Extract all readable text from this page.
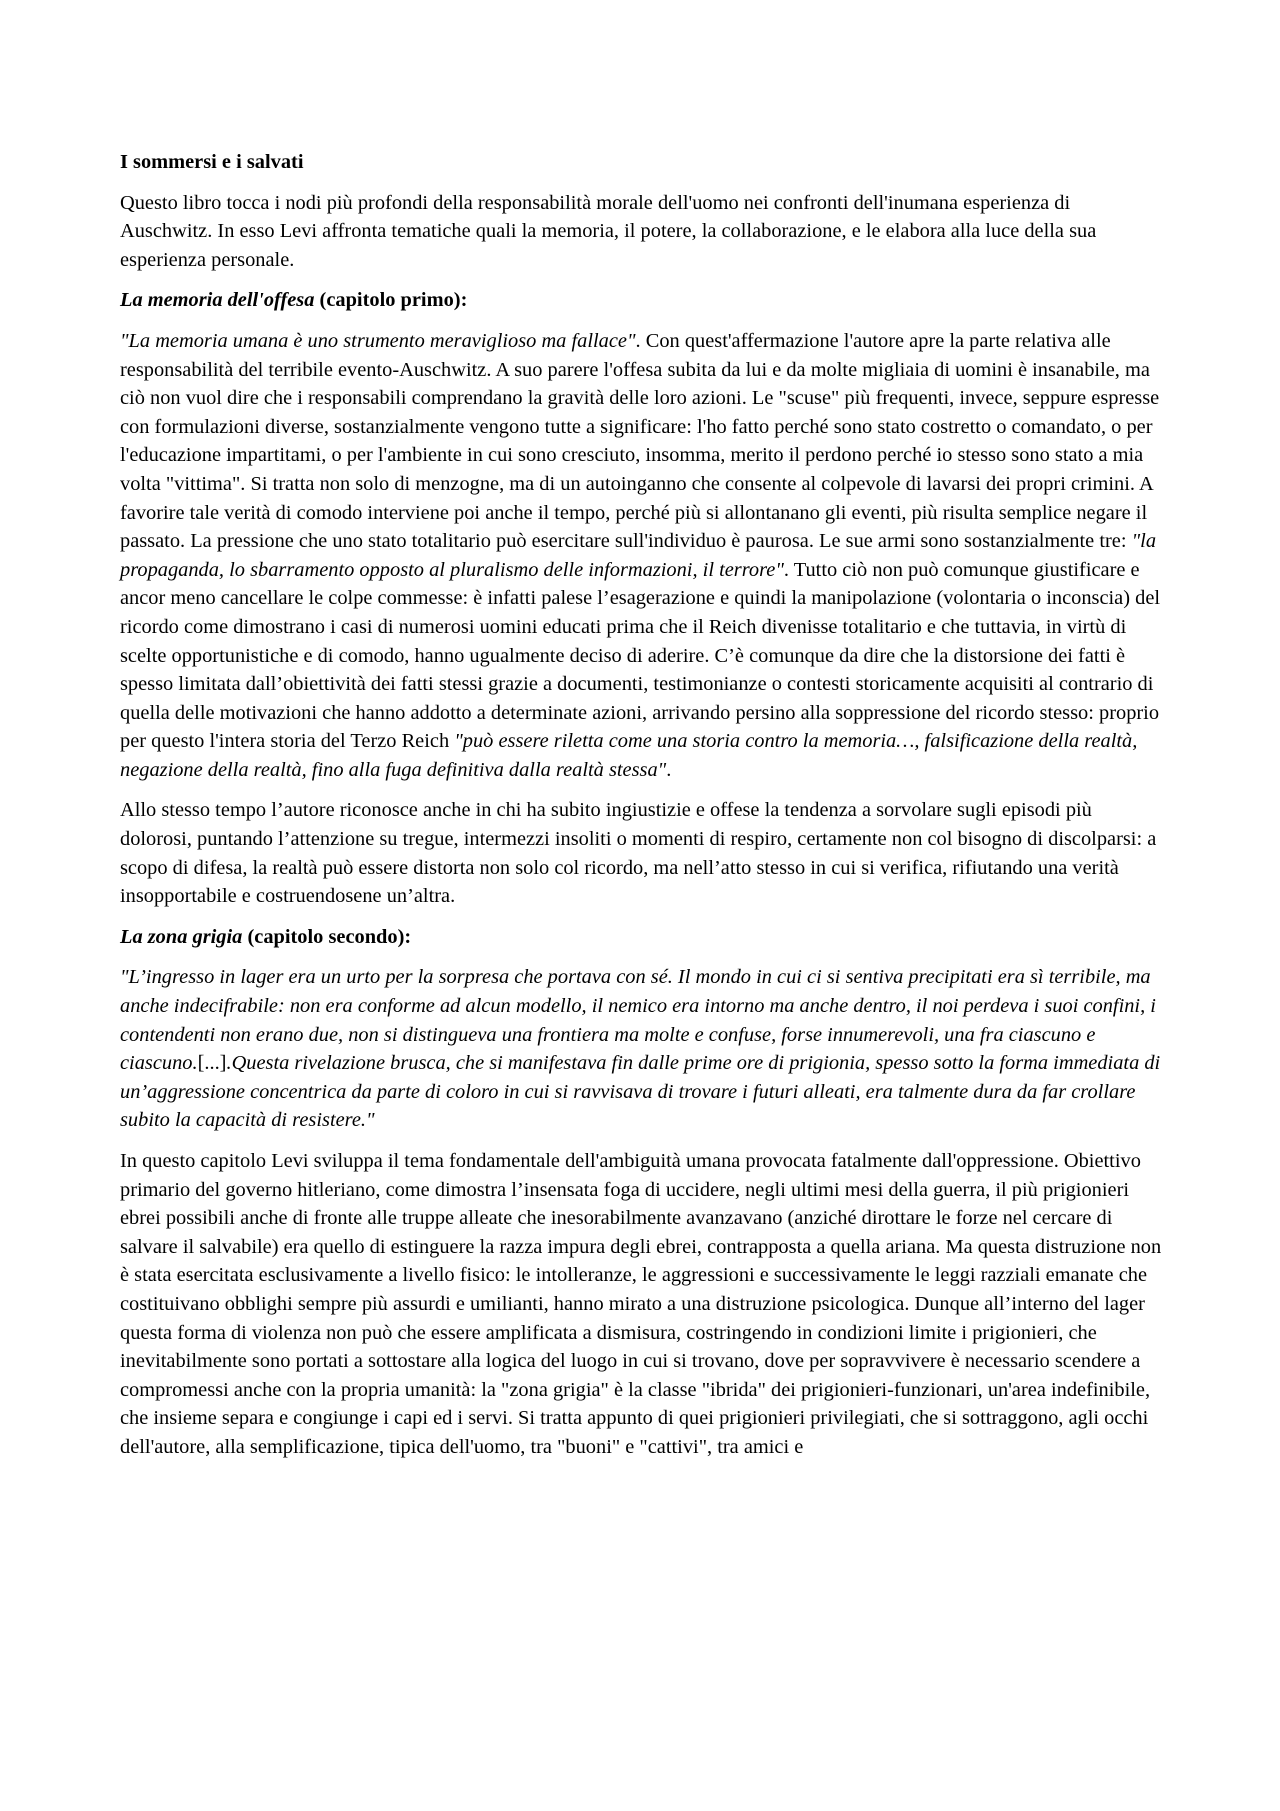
I sommersi e i salvati

Questo libro tocca i nodi più profondi della responsabilità morale dell'uomo nei confronti dell'inumana esperienza di Auschwitz. In esso Levi affronta tematiche quali la memoria, il potere, la collaborazione, e le elabora alla luce della sua esperienza personale.

La memoria dell'offesa (capitolo primo):

"La memoria umana è uno strumento meraviglioso ma fallace". Con quest'affermazione l'autore apre la parte relativa alle responsabilità del terribile evento-Auschwitz. A suo parere l'offesa subita da lui e da molte migliaia di uomini è insanabile, ma ciò non vuol dire che i responsabili comprendano la gravità delle loro azioni. Le "scuse" più frequenti, invece, seppure espresse con formulazioni diverse, sostanzialmente vengono tutte a significare: l'ho fatto perché sono stato costretto o comandato, o per l'educazione impartitami, o per l'ambiente in cui sono cresciuto, insomma, merito il perdono perché io stesso sono stato a mia volta "vittima". Si tratta non solo di menzogne, ma di un autoinganno che consente al colpevole di lavarsi dei propri crimini. A favorire tale verità di comodo interviene poi anche il tempo, perché più si allontanano gli eventi, più risulta semplice negare il passato. La pressione che uno stato totalitario può esercitare sull'individuo è paurosa. Le sue armi sono sostanzialmente tre: "la propaganda, lo sbarramento opposto al pluralismo delle informazioni, il terrore". Tutto ciò non può comunque giustificare e ancor meno cancellare le colpe commesse: è infatti palese l’esagerazione e quindi la manipolazione (volontaria o inconscia) del ricordo come dimostrano i casi di numerosi uomini educati prima che il Reich divenisse totalitario e che tuttavia, in virtù di scelte opportunistiche e di comodo, hanno ugualmente deciso di aderire. C’è comunque da dire che la distorsione dei fatti è spesso limitata dall’obiettività dei fatti stessi grazie a documenti, testimonianze o contesti storicamente acquisiti al contrario di quella delle motivazioni che hanno addotto a determinate azioni, arrivando persino alla soppressione del ricordo stesso: proprio per questo l'intera storia del Terzo Reich "può essere riletta come una storia contro la memoria…, falsificazione della realtà, negazione della realtà, fino alla fuga definitiva dalla realtà stessa".

Allo stesso tempo l’autore riconosce anche in chi ha subito ingiustizie e offese la tendenza a sorvolare sugli episodi più dolorosi, puntando l’attenzione su tregue, intermezzi insoliti o momenti di respiro, certamente non col bisogno di discolparsi: a scopo di difesa, la realtà può essere distorta non solo col ricordo, ma nell’atto stesso in cui si verifica, rifiutando una verità insopportabile e costruendosene un’altra.

La zona grigia (capitolo secondo):

"L’ingresso in lager era un urto per la sorpresa che portava con sé. Il mondo in cui ci si sentiva precipitati era sì terribile, ma anche indecifrabile: non era conforme ad alcun modello, il nemico era intorno ma anche dentro, il noi perdeva i suoi confini, i contendenti non erano due, non si distingueva una frontiera ma molte e confuse, forse innumerevoli, una fra ciascuno e ciascuno.[...].Questa rivelazione brusca, che si manifestava fin dalle prime ore di prigionia, spesso sotto la forma immediata di un’aggressione concentrica da parte di coloro in cui si ravvisava di trovare i futuri alleati, era talmente dura da far crollare subito la capacità di resistere."

In questo capitolo Levi sviluppa il tema fondamentale dell'ambiguità umana provocata fatalmente dall'oppressione. Obiettivo primario del governo hitleriano, come dimostra l’insensata foga di uccidere, negli ultimi mesi della guerra, il più prigionieri ebrei possibili anche di fronte alle truppe alleate che inesorabilmente avanzavano (anziché dirottare le forze nel cercare di salvare il salvabile) era quello di estinguere la razza impura degli ebrei, contrapposta a quella ariana. Ma questa distruzione non è stata esercitata esclusivamente a livello fisico: le intolleranze, le aggressioni e successivamente le leggi razziali emanate che costituivano obblighi sempre più assurdi e umilianti, hanno mirato a una distruzione psicologica. Dunque all’interno del lager questa forma di violenza non può che essere amplificata a dismisura, costringendo in condizioni limite i prigionieri, che inevitabilmente sono portati a sottostare alla logica del luogo in cui si trovano, dove per sopravvivere è necessario scendere a compromessi anche con la propria umanità: la "zona grigia" è la classe "ibrida" dei prigionieri-funzionari, un'area indefinibile, che insieme separa e congiunge i capi ed i servi. Si tratta appunto di quei prigionieri privilegiati, che si sottraggono, agli occhi dell'autore, alla semplificazione, tipica dell'uomo, tra "buoni" e "cattivi", tra amici e
